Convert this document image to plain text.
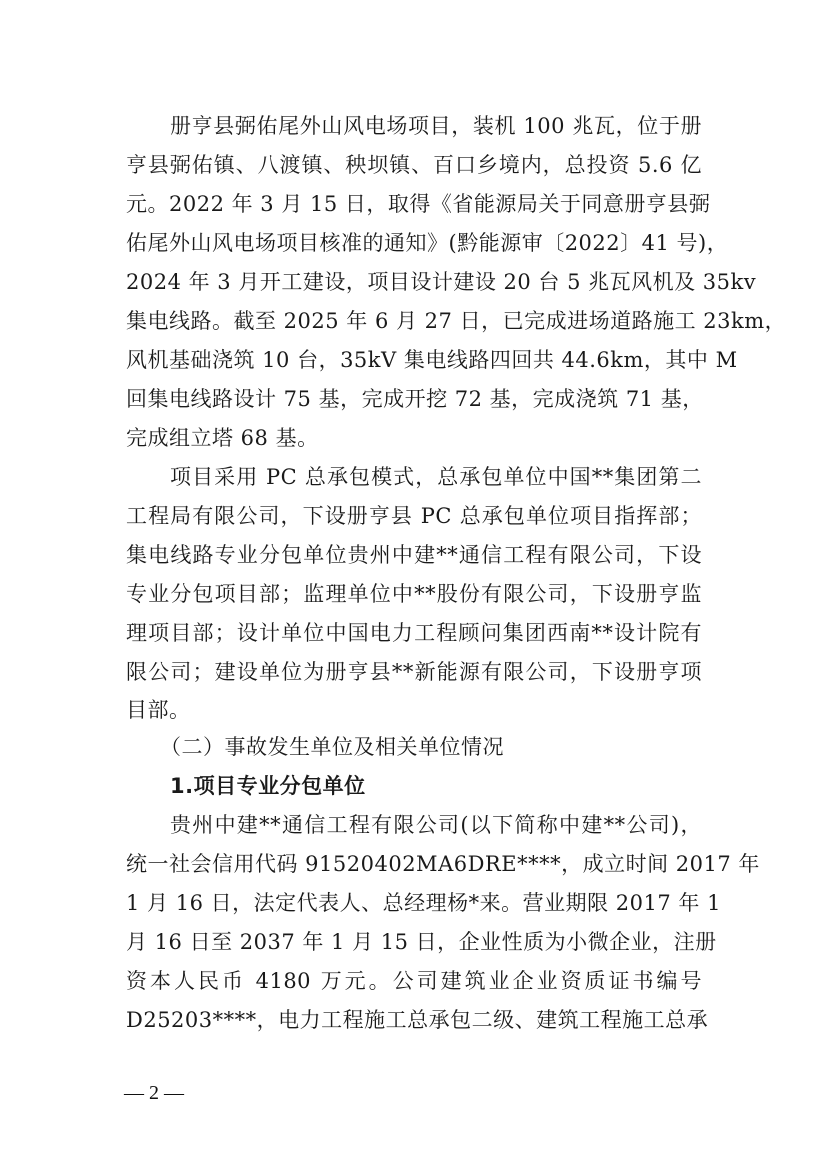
册亨县弼佑尾外山风电场项目，装机 100 兆瓦，位于册
亨县弼佑镇、八渡镇、秧坝镇、百口乡境内，总投资 5.6 亿
元。2022 年 3 月 15 日，取得《省能源局关于同意册亨县弼
佑尾外山风电场项目核准的通知》(黔能源审〔2022〕41 号)，
2024 年 3 月开工建设，项目设计建设 20 台 5 兆瓦风机及 35kv
集电线路。截至 2025 年 6 月 27 日，已完成进场道路施工 23km，
风机基础浇筑 10 台，35kV 集电线路四回共 44.6km，其中 M
回集电线路设计 75 基，完成开挖 72 基，完成浇筑 71 基，
完成组立塔 68 基。
项目采用 PC 总承包模式，总承包单位中国**集团第二
工程局有限公司，下设册亨县 PC 总承包单位项目指挥部；
集电线路专业分包单位贵州中建**通信工程有限公司，下设
专业分包项目部；监理单位中**股份有限公司，下设册亨监
理项目部；设计单位中国电力工程顾问集团西南**设计院有
限公司；建设单位为册亨县**新能源有限公司，下设册亨项
目部。
（二）事故发生单位及相关单位情况
1.项目专业分包单位
贵州中建**通信工程有限公司(以下简称中建**公司)，
统一社会信用代码 91520402MA6DRE****，成立时间 2017 年
1 月 16 日，法定代表人、总经理杨*来。营业期限 2017 年 1
月 16 日至 2037 年 1 月 15 日，企业性质为小微企业，注册
资本人民币 4180 万元。公司建筑业企业资质证书编号
D25203****，电力工程施工总承包二级、建筑工程施工总承
— 2 —
